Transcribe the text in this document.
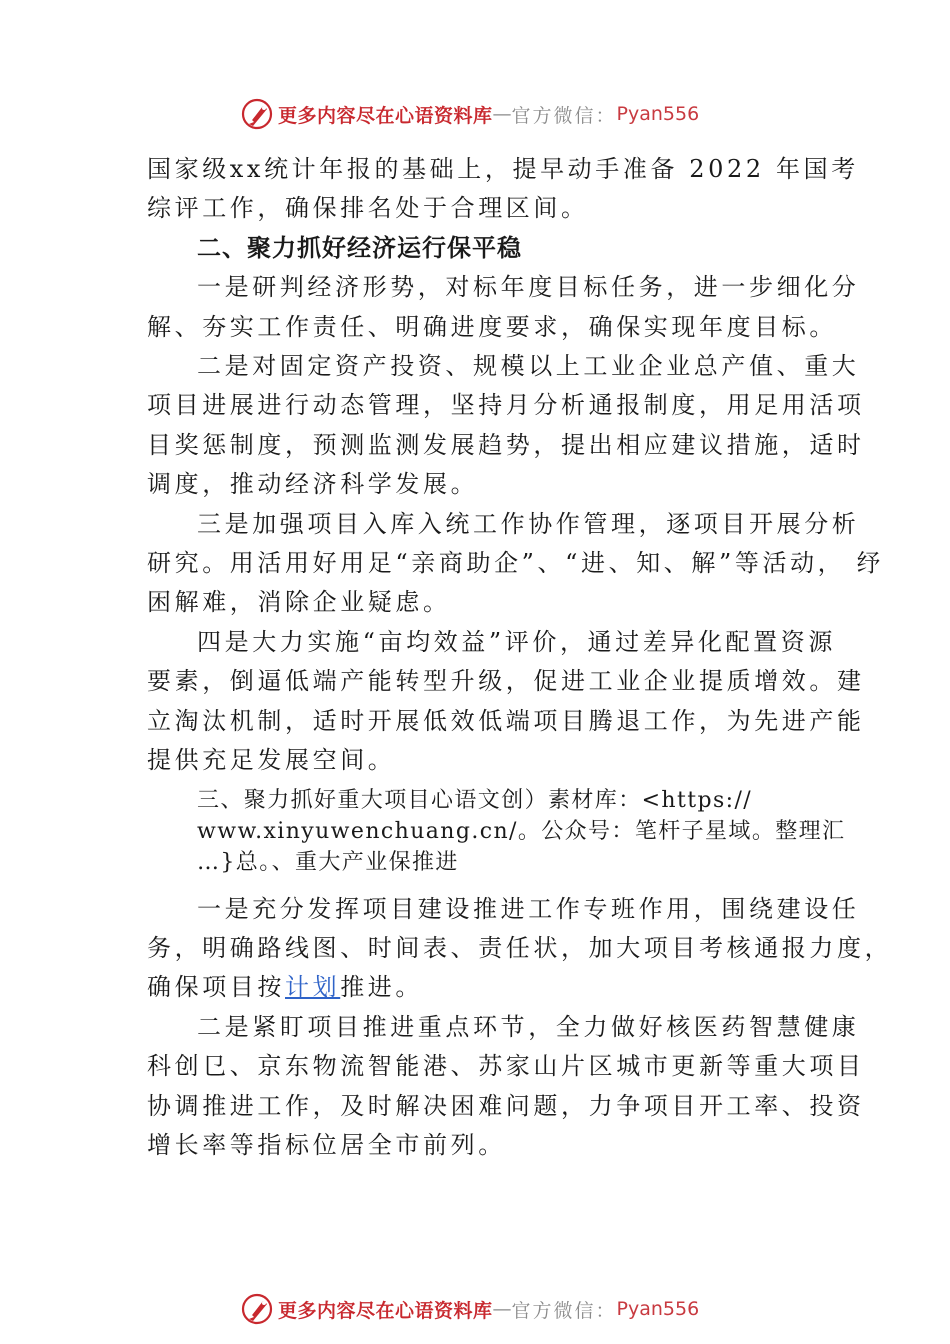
更多内容尽在心语资料库 — 官方微信： Pyan556
国家级xx统计年报的基础上，提早动手准备 2022 年国考
综评工作，确保排名处于合理区间。
二、聚力抓好经济运行保平稳
一是研判经济形势，对标年度目标任务，进一步细化分
解、夯实工作责任、明确进度要求，确保实现年度目标。
二是对固定资产投资、规模以上工业企业总产值、重大
项目进展进行动态管理，坚持月分析通报制度，用足用活项
目奖惩制度，预测监测发展趋势，提出相应建议措施，适时
调度，推动经济科学发展。
三是加强项目入库入统工作协作管理，逐项目开展分析
研究。用活用好用足“亲商助企”、“进、知、解”等活动， 纾
困解难，消除企业疑虑。
四是大力实施“亩均效益”评价，通过差异化配置资源
要素，倒逼低端产能转型升级，促进工业企业提质增效。建
立淘汰机制，适时开展低效低端项目腾退工作，为先进产能
提供充足发展空间。
三、聚力抓好重大项目心语文创）素材库：<https://
www.xinyuwenchuang.cn/。公众号：笔杆子星域。整理汇
…}总。、重大产业保推进
一是充分发挥项目建设推进工作专班作用，围绕建设任
务，明确路线图、时间表、责任状，加大项目考核通报力度，
确保项目按计划推进。
二是紧盯项目推进重点环节，全力做好核医药智慧健康
科创㔾、京东物流智能港、苏家山片区城市更新等重大项目
协调推进工作，及时解决困难问题，力争项目开工率、投资
增长率等指标位居全市前列。
更多内容尽在心语资料库 — 官方微信： Pyan556
